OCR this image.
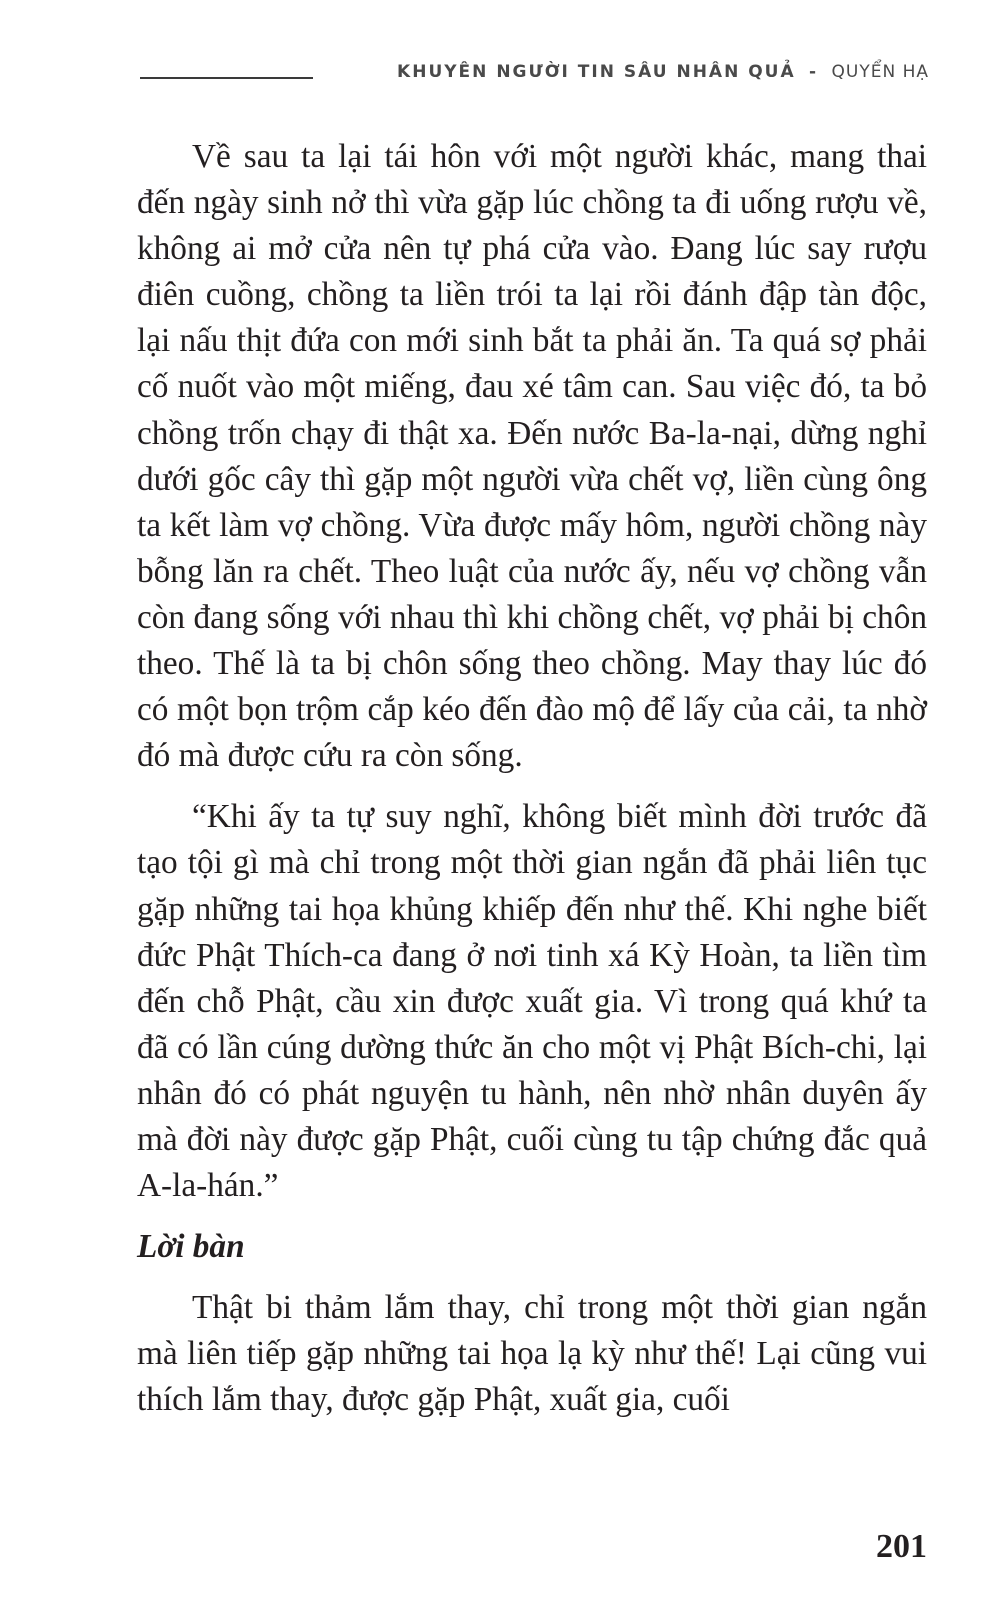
KHUYÊN NGƯỜI TIN SÂU NHÂN QUẢ - QUYỂN HẠ

Về sau ta lại tái hôn với một người khác, mang thai đến ngày sinh nở thì vừa gặp lúc chồng ta đi uống rượu về, không ai mở cửa nên tự phá cửa vào. Đang lúc say rượu điên cuồng, chồng ta liền trói ta lại rồi đánh đập tàn độc, lại nấu thịt đứa con mới sinh bắt ta phải ăn. Ta quá sợ phải cố nuốt vào một miếng, đau xé tâm can. Sau việc đó, ta bỏ chồng trốn chạy đi thật xa. Đến nước Ba-la-nại, dừng nghỉ dưới gốc cây thì gặp một người vừa chết vợ, liền cùng ông ta kết làm vợ chồng. Vừa được mấy hôm, người chồng này bỗng lăn ra chết. Theo luật của nước ấy, nếu vợ chồng vẫn còn đang sống với nhau thì khi chồng chết, vợ phải bị chôn theo. Thế là ta bị chôn sống theo chồng. May thay lúc đó có một bọn trộm cắp kéo đến đào mộ để lấy của cải, ta nhờ đó mà được cứu ra còn sống.

“Khi ấy ta tự suy nghĩ, không biết mình đời trước đã tạo tội gì mà chỉ trong một thời gian ngắn đã phải liên tục gặp những tai họa khủng khiếp đến như thế. Khi nghe biết đức Phật Thích-ca đang ở nơi tinh xá Kỳ Hoàn, ta liền tìm đến chỗ Phật, cầu xin được xuất gia. Vì trong quá khứ ta đã có lần cúng dường thức ăn cho một vị Phật Bích-chi, lại nhân đó có phát nguyện tu hành, nên nhờ nhân duyên ấy mà đời này được gặp Phật, cuối cùng tu tập chứng đắc quả A-la-hán.”

Lời bàn

Thật bi thảm lắm thay, chỉ trong một thời gian ngắn mà liên tiếp gặp những tai họa lạ kỳ như thế! Lại cũng vui thích lắm thay, được gặp Phật, xuất gia, cuối

201
